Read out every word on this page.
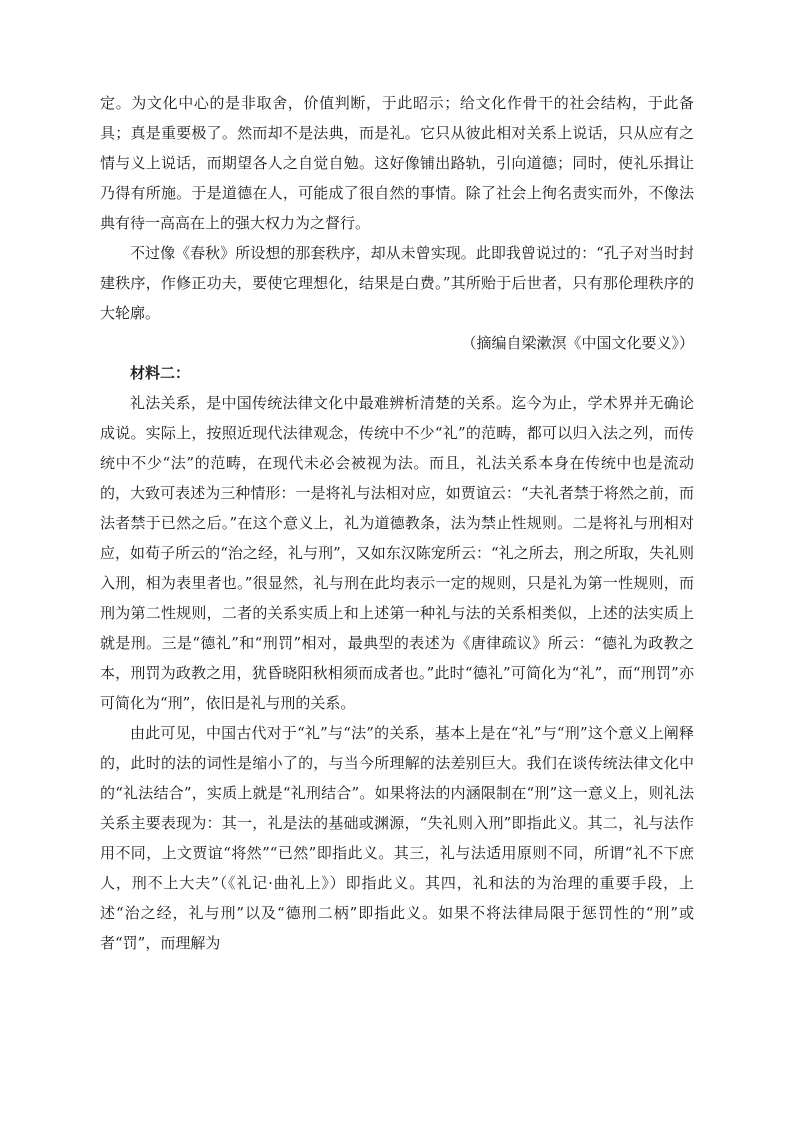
定。为文化中心的是非取舍，价值判断，于此昭示；给文化作骨干的社会结构，于此备具；真是重要极了。然而却不是法典，而是礼。它只从彼此相对关系上说话，只从应有之情与义上说话，而期望各人之自觉自勉。这好像铺出路轨，引向道德；同时，使礼乐揖让乃得有所施。于是道德在人，可能成了很自然的事情。除了社会上徇名责实而外，不像法典有待一高高在上的强大权力为之督行。

不过像《春秋》所设想的那套秩序，却从未曾实现。此即我曾说过的：“孔子对当时封建秩序，作修正功夫，要使它理想化，结果是白费。”其所贻于后世者，只有那伦理秩序的大轮廓。

（摘编自梁漱溟《中国文化要义》）

材料二：

礼法关系，是中国传统法律文化中最难辨析清楚的关系。迄今为止，学术界并无确论成说。实际上，按照近现代法律观念，传统中不少“礼”的范畴，都可以归入法之列，而传统中不少“法”的范畴，在现代未必会被视为法。而且，礼法关系本身在传统中也是流动的，大致可表述为三种情形：一是将礼与法相对应，如贾谊云：“夫礼者禁于将然之前，而法者禁于已然之后。”在这个意义上，礼为道德教条，法为禁止性规则。二是将礼与刑相对应，如荀子所云的“治之经，礼与刑”，又如东汉陈宠所云：“礼之所去，刑之所取，失礼则入刑，相为表里者也。”很显然，礼与刑在此均表示一定的规则，只是礼为第一性规则，而刑为第二性规则，二者的关系实质上和上述第一种礼与法的关系相类似，上述的法实质上就是刑。三是“德礼”和“刑罚”相对，最典型的表述为《唐律疏议》所云：“德礼为政教之本，刑罚为政教之用，犹昏晓阳秋相须而成者也。”此时“德礼”可简化为“礼”，而“刑罚”亦可简化为“刑”，依旧是礼与刑的关系。

由此可见，中国古代对于“礼”与“法”的关系，基本上是在“礼”与“刑”这个意义上阐释的，此时的法的词性是缩小了的，与当今所理解的法差别巨大。我们在谈传统法律文化中的“礼法结合”，实质上就是“礼刑结合”。如果将法的内涵限制在“刑”这一意义上，则礼法关系主要表现为：其一，礼是法的基础或渊源，“失礼则入刑”即指此义。其二，礼与法作用不同，上文贾谊“将然”“已然”即指此义。其三，礼与法适用原则不同，所谓“礼不下庶人，刑不上大夫”（《礼记·曲礼上》）即指此义。其四，礼和法的为治理的重要手段，上述“治之经，礼与刑”以及“德刑二柄”即指此义。如果不将法律局限于惩罚性的“刑”或者“罚”，而理解为
